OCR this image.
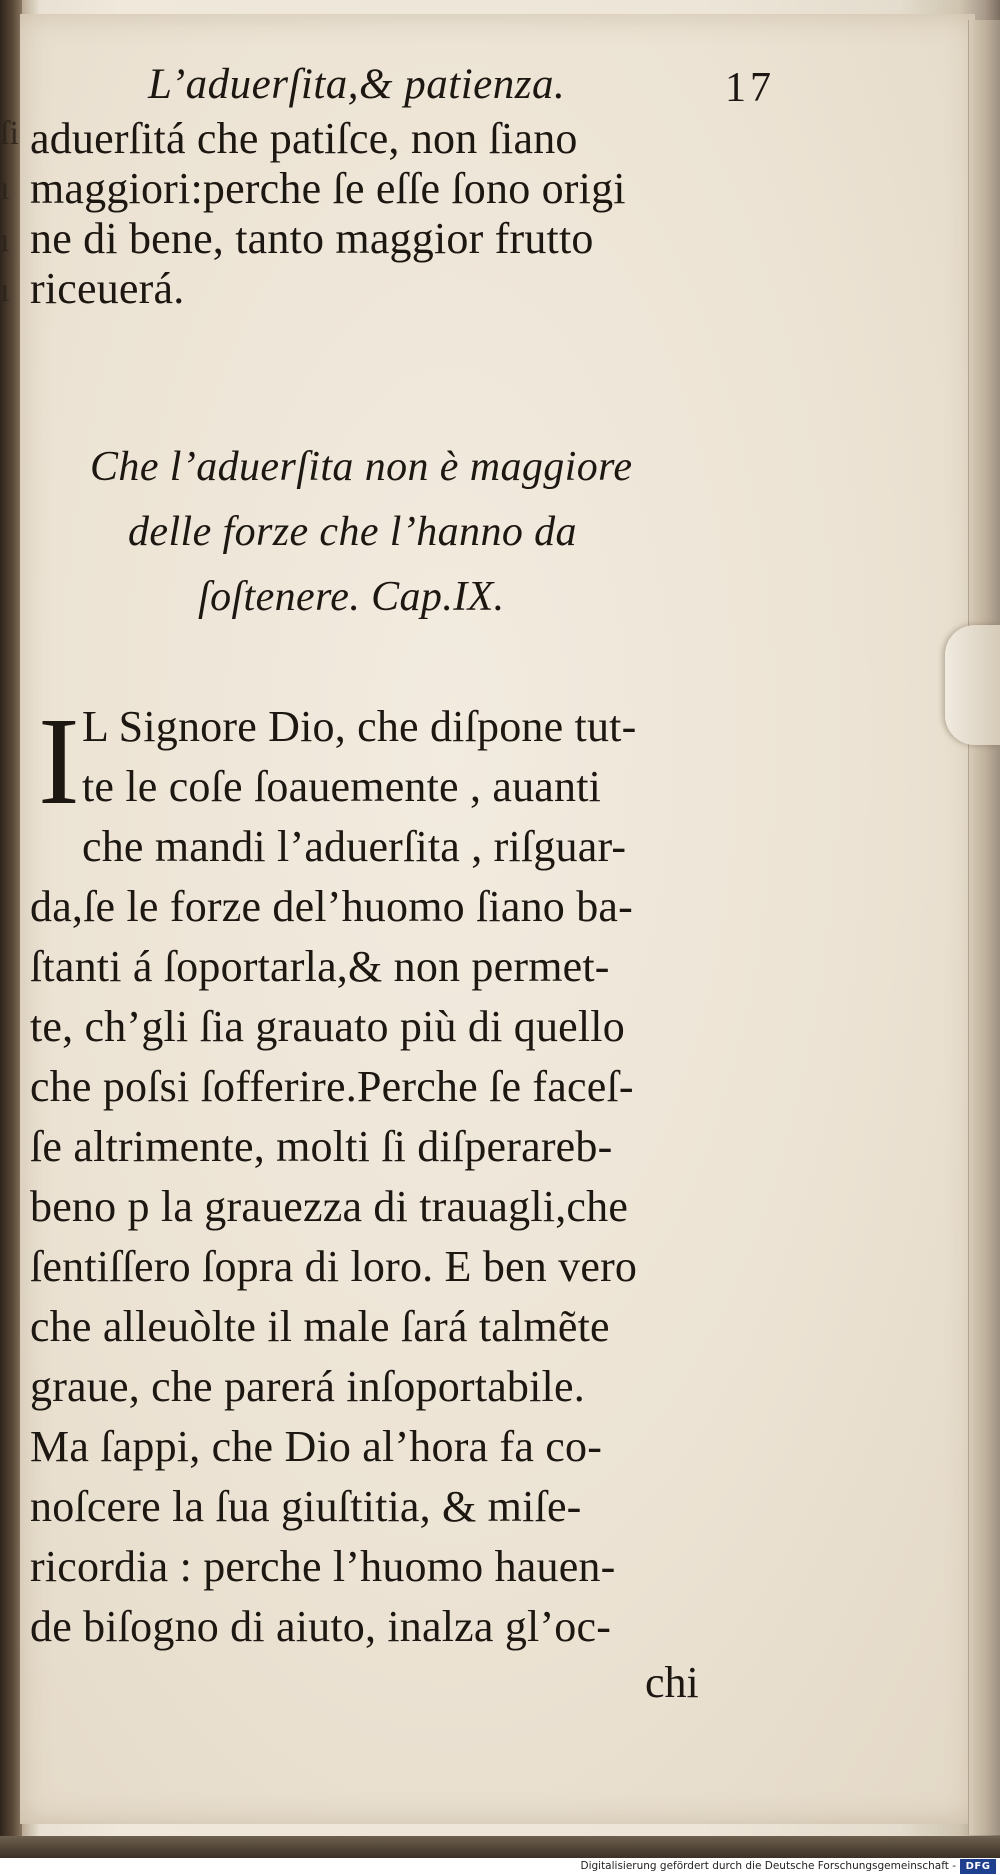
L’aduerſita,& patienza.	17
aduerſitá che patiſce, non ſiano
maggiori:perche ſe eſſe ſono origi
ne di bene, tanto maggior frutto
riceuerá.
Che l’aduerſita non è maggiore
delle forze che l’hanno da
ſoſtenere. Cap.IX.
I L Signore Dio, che diſpone tut-
te le coſe ſoauemente , auanti
che mandi l’aduerſita , riſguar-
da,ſe le forze del’huomo ſiano ba-
ſtanti á ſoportarla,& non permet-
te, ch’gli ſia grauato più di quello
che poſsi ſofferire.Perche ſe faceſ-
ſe altrimente, molti ſi diſperareb-
beno p la grauezza di trauagli,che
ſentiſſero ſopra di loro. E ben vero
che alleuòlte il male ſará talmẽte
graue, che parerá inſoportabile.
Ma ſappi, che Dio al’hora fa co-
noſcere la ſua giuſtitia, & miſe-
ricordia : perche l’huomo hauen-
de biſogno di aiuto, inalza gl’oc-
chi
ſi
ı
ı
ı
Digitalisierung gefördert durch die Deutsche Forschungsgemeinschaft - DFG
